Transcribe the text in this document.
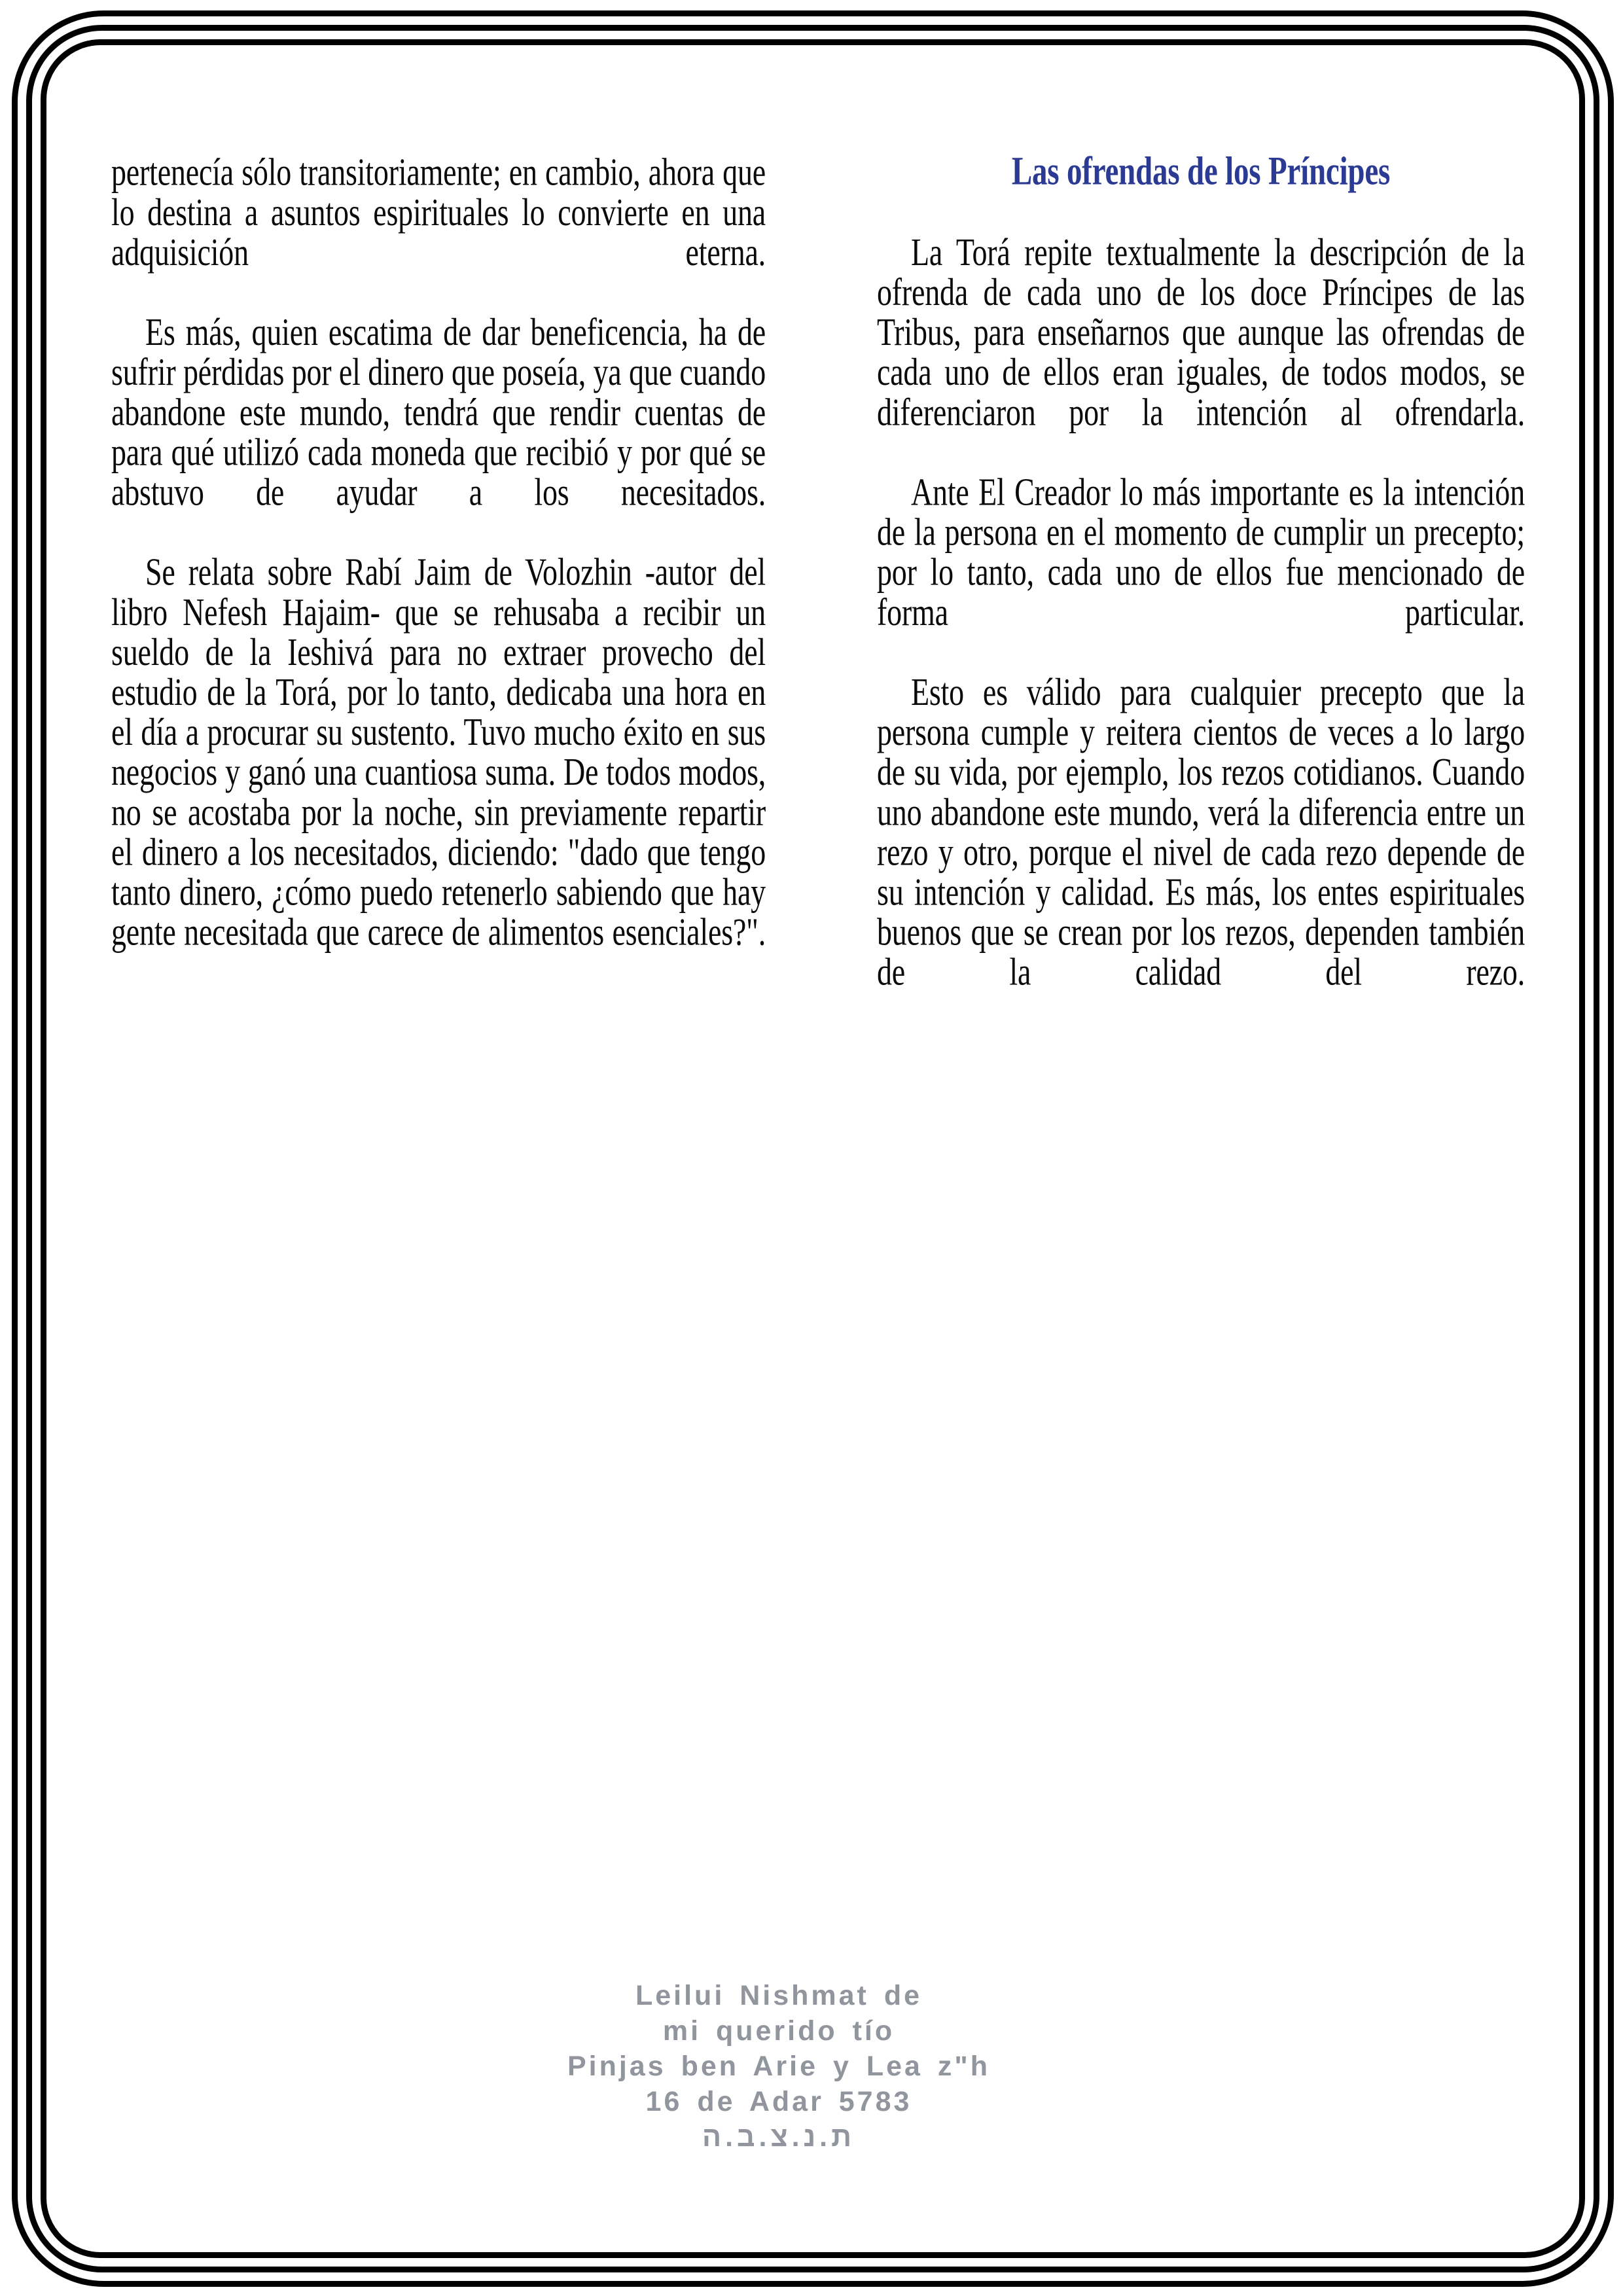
pertenecía sólo transitoriamente; en cambio, ahora que lo destina a asuntos espirituales lo convierte en una adquisición eterna.

Es más, quien escatima de dar beneficencia, ha de sufrir pérdidas por el dinero que poseía, ya que cuando abandone este mundo, tendrá que rendir cuentas de para qué utilizó cada moneda que recibió y por qué se abstuvo de ayudar a los necesitados.

Se relata sobre Rabí Jaim de Volozhin -autor del libro Nefesh Hajaim- que se rehusaba a recibir un sueldo de la Ieshivá para no extraer provecho del estudio de la Torá, por lo tanto, dedicaba una hora en el día a procurar su sustento. Tuvo mucho éxito en sus negocios y ganó una cuantiosa suma. De todos modos, no se acostaba por la noche, sin previamente repartir el dinero a los necesitados, diciendo: "dado que tengo tanto dinero, ¿cómo puedo retenerlo sabiendo que hay gente necesitada que carece de alimentos esenciales?".

Las ofrendas de los Príncipes

La Torá repite textualmente la descripción de la ofrenda de cada uno de los doce Príncipes de las Tribus, para enseñarnos que aunque las ofrendas de cada uno de ellos eran iguales, de todos modos, se diferenciaron por la intención al ofrendarla.

Ante El Creador lo más importante es la intención de la persona en el momento de cumplir un precepto; por lo tanto, cada uno de ellos fue mencionado de forma particular.

Esto es válido para cualquier precepto que la persona cumple y reitera cientos de veces a lo largo de su vida, por ejemplo, los rezos cotidianos. Cuando uno abandone este mundo, verá la diferencia entre un rezo y otro, porque el nivel de cada rezo depende de su intención y calidad. Es más, los entes espirituales buenos que se crean por los rezos, dependen también de la calidad del rezo.

Leilui Nishmat de
mi querido tío
Pinjas ben Arie y Lea z"h
16 de Adar 5783
ת.נ.צ.ב.ה
